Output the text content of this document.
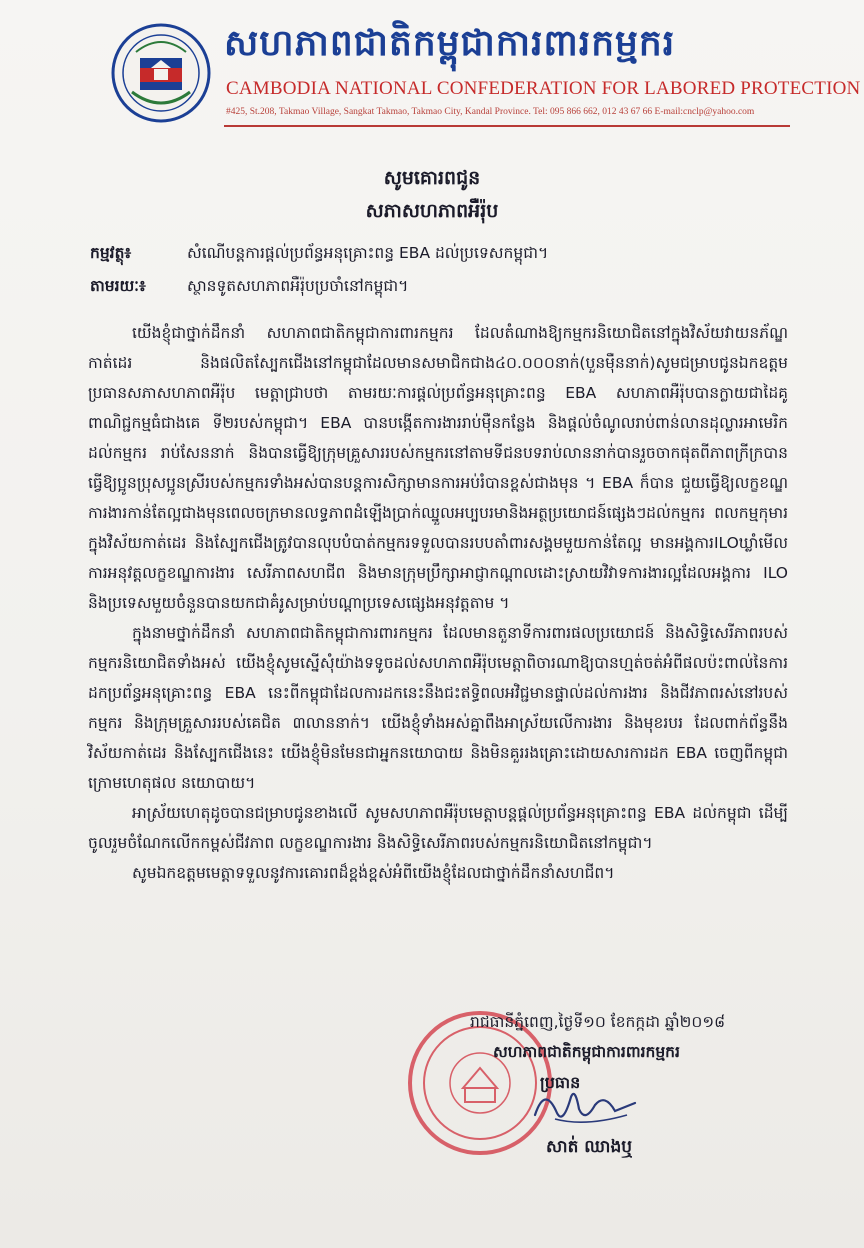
សហភាពជាតិកម្ពុជាការពារកម្មករ
CAMBODIA NATIONAL CONFEDERATION FOR LABORED PROTECTION
#425, St.208, Takmao Village, Sangkat Takmao, Takmao City, Kandal Province. Tel: 095 866 662, 012 43 67 66 E-mail:cnclp@yahoo.com
សូមគោរពជូន
សភាសហភាពអឺរ៉ុប
កម្មវត្ថុ៖	សំណើបន្តការផ្តល់ប្រព័ន្ធអនុគ្រោះពន្ធ EBA ដល់ប្រទេសកម្ពុជា។
តាមរយៈ៖	ស្ថានទូតសហភាពអឺរ៉ុបប្រចាំនៅកម្ពុជា។

យើងខ្ញុំជាថ្នាក់ដឹកនាំ សហភាពជាតិកម្ពុជាការពារកម្មករ ដែលតំណាងឱ្យកម្មករនិយោជិតនៅក្នុងវិស័យវាយនភ័ណ្ឌកាត់ដេរ និងផលិតស្បែកជើងនៅកម្ពុជាដែលមានសមាជិកជាង៤០.០០០នាក់(បួនម៉ឺននាក់)សូមជម្រាបជូនឯកឧត្តម ប្រធានសភាសហភាពអឺរ៉ុប មេត្តាជ្រាបថា តាមរយៈការផ្តល់ប្រព័ន្ធអនុគ្រោះពន្ធ EBA សហភាពអឺរ៉ុបបានក្លាយជាដៃគូពាណិជ្ជកម្មធំជាងគេ ទី២របស់កម្ពុជា។ EBA បានបង្កើតការងាររាប់ម៉ឺនកន្លែង និងផ្តល់ចំណូលរាប់ពាន់លានដុល្លារអាមេរិក ដល់កម្មករ រាប់សែននាក់ និងបានធ្វើឱ្យក្រុមគ្រួសាររបស់កម្មករនៅតាមទីជនបទរាប់លាននាក់បានរួចចាកផុតពីភាពក្រីក្របានធ្វើឱ្យប្អូនប្រុសប្អូនស្រីរបស់កម្មករទាំងអស់បានបន្តការសិក្សាមានការអប់រំបានខ្ពស់ជាងមុន ។ EBA ក៏បាន ជួយធ្វើឱ្យលក្ខខណ្ឌការងារកាន់តែល្អជាងមុនពេលចក្រមានលទ្ធភាពដំឡើងប្រាក់ឈ្នួលអប្បបរមានិងអត្ថប្រយោជន៍ផ្សេងៗដល់កម្មករ ពលកម្មកុមារក្នុងវិស័យកាត់ដេរ និងស្បែកជើងត្រូវបានលុបបំបាត់កម្មករទទួលបានរបបតាំពារសង្គមមួយកាន់តែល្អ មានអង្គការILOឃ្លាំមើលការអនុវត្តលក្ខខណ្ឌការងារ សេរីភាពសហជីព និងមានក្រុមប្រឹក្សាអាជ្ញាកណ្តាលដោះស្រាយវិវាទការងារល្អដែលអង្គការ ILO និងប្រទេសមួយចំនួនបានយកជាគំរូសម្រាប់បណ្តាប្រទេសផ្សេងអនុវត្តតាម ។

ក្នុងនាមថ្នាក់ដឹកនាំ សហភាពជាតិកម្ពុជាការពារកម្មករ ដែលមានតួនាទីការពារផលប្រយោជន៍ និងសិទ្ធិសេរីភាពរបស់កម្មករនិយោជិតទាំងអស់ យើងខ្ញុំសូមស្នើសុំយ៉ាងទទូចដល់សហភាពអឺរ៉ុបមេត្តាពិចារណាឱ្យបានហ្មត់ចត់អំពីផលប៉ះពាល់នៃការដកប្រព័ន្ធអនុគ្រោះពន្ធ EBA នេះពីកម្ពុជាដែលការដកនេះនឹងជះឥទ្ធិពលអវិជ្ជមានផ្ទាល់ដល់ការងារ និងជីវភាពរស់នៅរបស់កម្មករ និងក្រុមគ្រួសាររបស់គេជិត ៣លាននាក់។ យើងខ្ញុំទាំងអស់គ្នាពឹងអាស្រ័យលើការងារ និងមុខរបរ ដែលពាក់ព័ន្ធនឹងវិស័យកាត់ដេរ និងស្បែកជើងនេះ យើងខ្ញុំមិនមែនជាអ្នកនយោបាយ និងមិនគួររងគ្រោះដោយសារការដក EBA ចេញពីកម្ពុជា ក្រោមហេតុផល នយោបាយ។

អាស្រ័យហេតុដូចបានជម្រាបជូនខាងលើ សូមសហភាពអឺរ៉ុបមេត្តាបន្តផ្តល់ប្រព័ន្ធអនុគ្រោះពន្ធ EBA ដល់កម្ពុជា ដើម្បីចូលរួមចំណែកលើកកម្ពស់ជីវភាព លក្ខខណ្ឌការងារ និងសិទ្ធិសេរីភាពរបស់កម្មករនិយោជិតនៅកម្ពុជា។

សូមឯកឧត្តមមេត្តាទទួលនូវការគោរពដ៏ខ្ពង់ខ្ពស់អំពីយើងខ្ញុំដែលជាថ្នាក់ដឹកនាំសហជីព។

រាជធានីភ្នំពេញ,ថ្ងៃទី១០ ខែកក្កដា ឆ្នាំ២០១៨
សហភាពជាតិកម្ពុជាការពារកម្មករ
ប្រធាន
សាត់ ឈាងឬ
